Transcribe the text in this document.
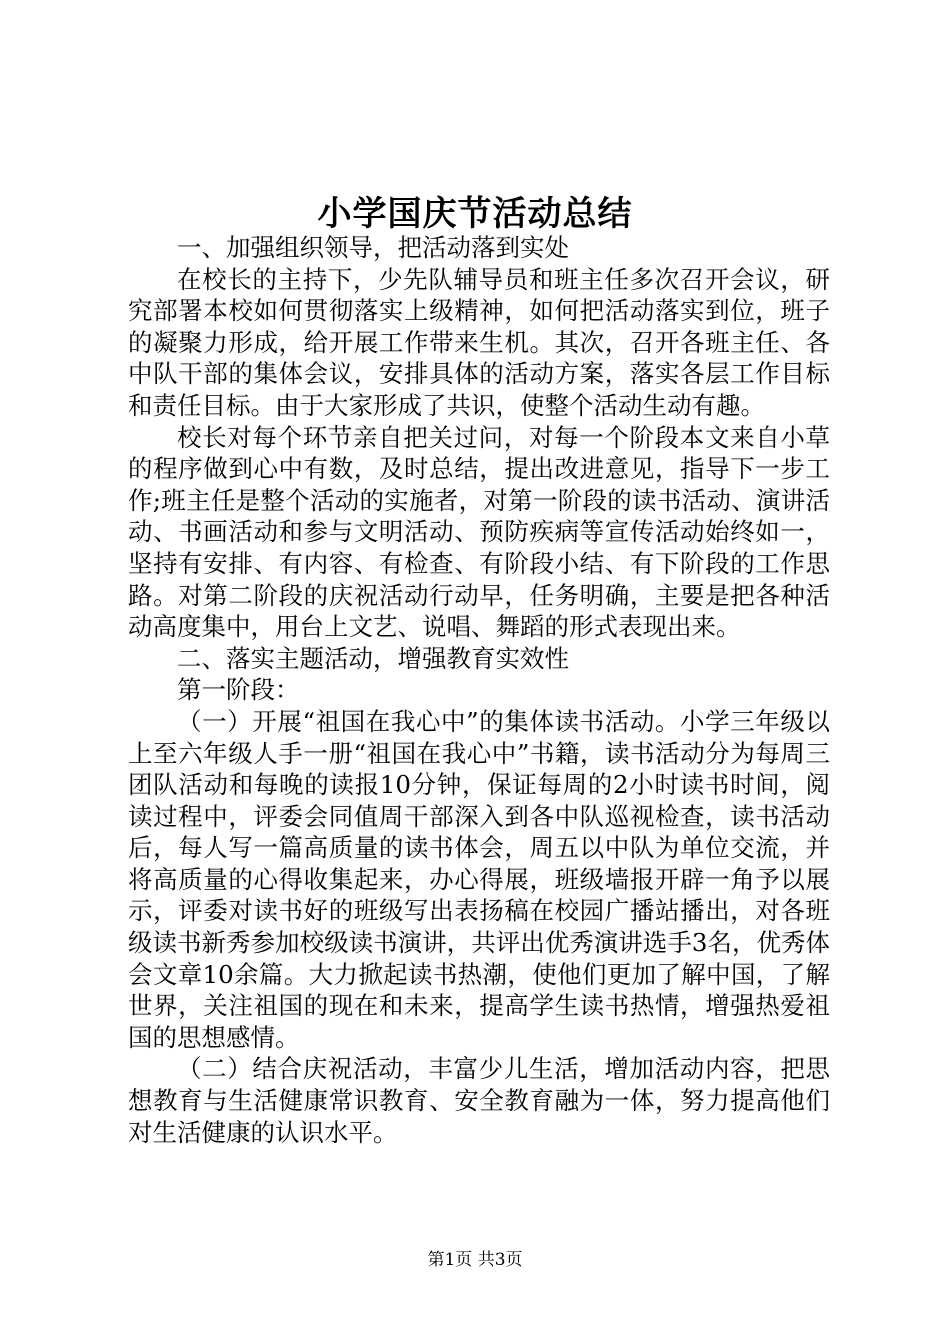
小学国庆节活动总结

一、加强组织领导，把活动落到实处

在校长的主持下，少先队辅导员和班主任多次召开会议，研究部署本校如何贯彻落实上级精神，如何把活动落实到位，班子的凝聚力形成，给开展工作带来生机。其次，召开各班主任、各中队干部的集体会议，安排具体的活动方案，落实各层工作目标和责任目标。由于大家形成了共识，使整个活动生动有趣。

校长对每个环节亲自把关过问，对每一个阶段本文来自小草的程序做到心中有数，及时总结，提出改进意见，指导下一步工作;班主任是整个活动的实施者，对第一阶段的读书活动、演讲活动、书画活动和参与文明活动、预防疾病等宣传活动始终如一，坚持有安排、有内容、有检查、有阶段小结、有下阶段的工作思路。对第二阶段的庆祝活动行动早，任务明确，主要是把各种活动高度集中，用台上文艺、说唱、舞蹈的形式表现出来。

二、落实主题活动，增强教育实效性

第一阶段：

（一）开展“祖国在我心中”的集体读书活动。小学三年级以上至六年级人手一册“祖国在我心中”书籍，读书活动分为每周三团队活动和每晚的读报10分钟，保证每周的2小时读书时间，阅读过程中，评委会同值周干部深入到各中队巡视检查，读书活动后，每人写一篇高质量的读书体会，周五以中队为单位交流，并将高质量的心得收集起来，办心得展，班级墙报开辟一角予以展示，评委对读书好的班级写出表扬稿在校园广播站播出，对各班级读书新秀参加校级读书演讲，共评出优秀演讲选手3名，优秀体会文章10余篇。大力掀起读书热潮，使他们更加了解中国，了解世界，关注祖国的现在和未来，提高学生读书热情，增强热爱祖国的思想感情。

（二）结合庆祝活动，丰富少儿生活，增加活动内容，把思想教育与生活健康常识教育、安全教育融为一体，努力提高他们对生活健康的认识水平。

第1页 共3页
